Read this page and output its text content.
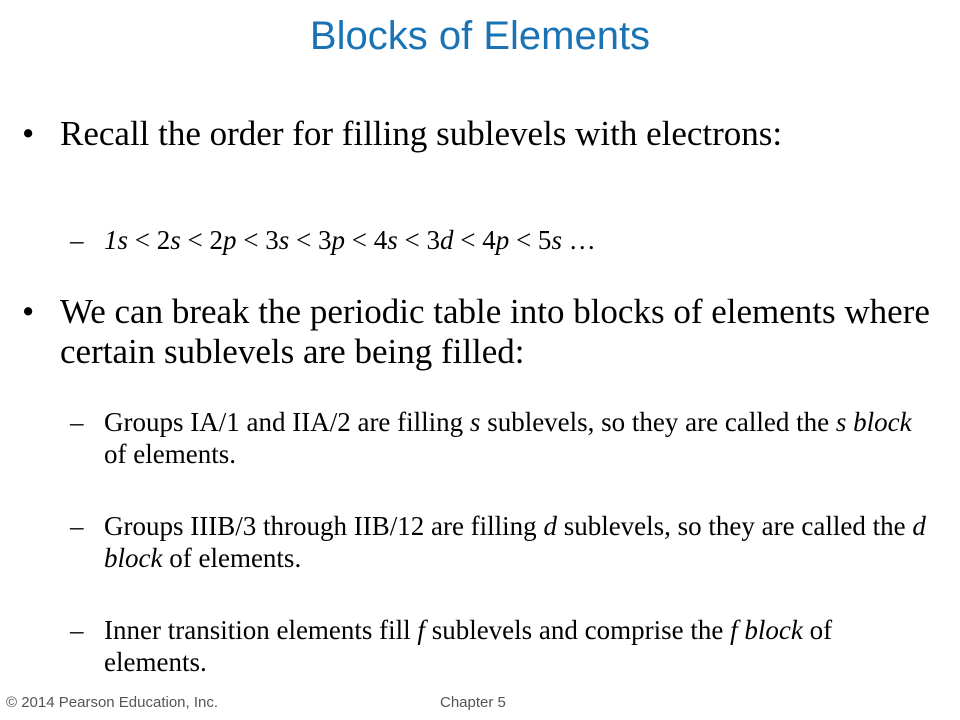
Blocks of Elements
• Recall the order for filling sublevels with electrons:
– 1s < 2s < 2p < 3s < 3p < 4s < 3d < 4p < 5s …
• We can break the periodic table into blocks of elements where certain sublevels are being filled:
– Groups IA/1 and IIA/2 are filling s sublevels, so they are called the s block of elements.
– Groups IIIB/3 through IIB/12 are filling d sublevels, so they are called the d block of elements.
– Inner transition elements fill f sublevels and comprise the f block of elements.
© 2014 Pearson Education, Inc.	Chapter 5
